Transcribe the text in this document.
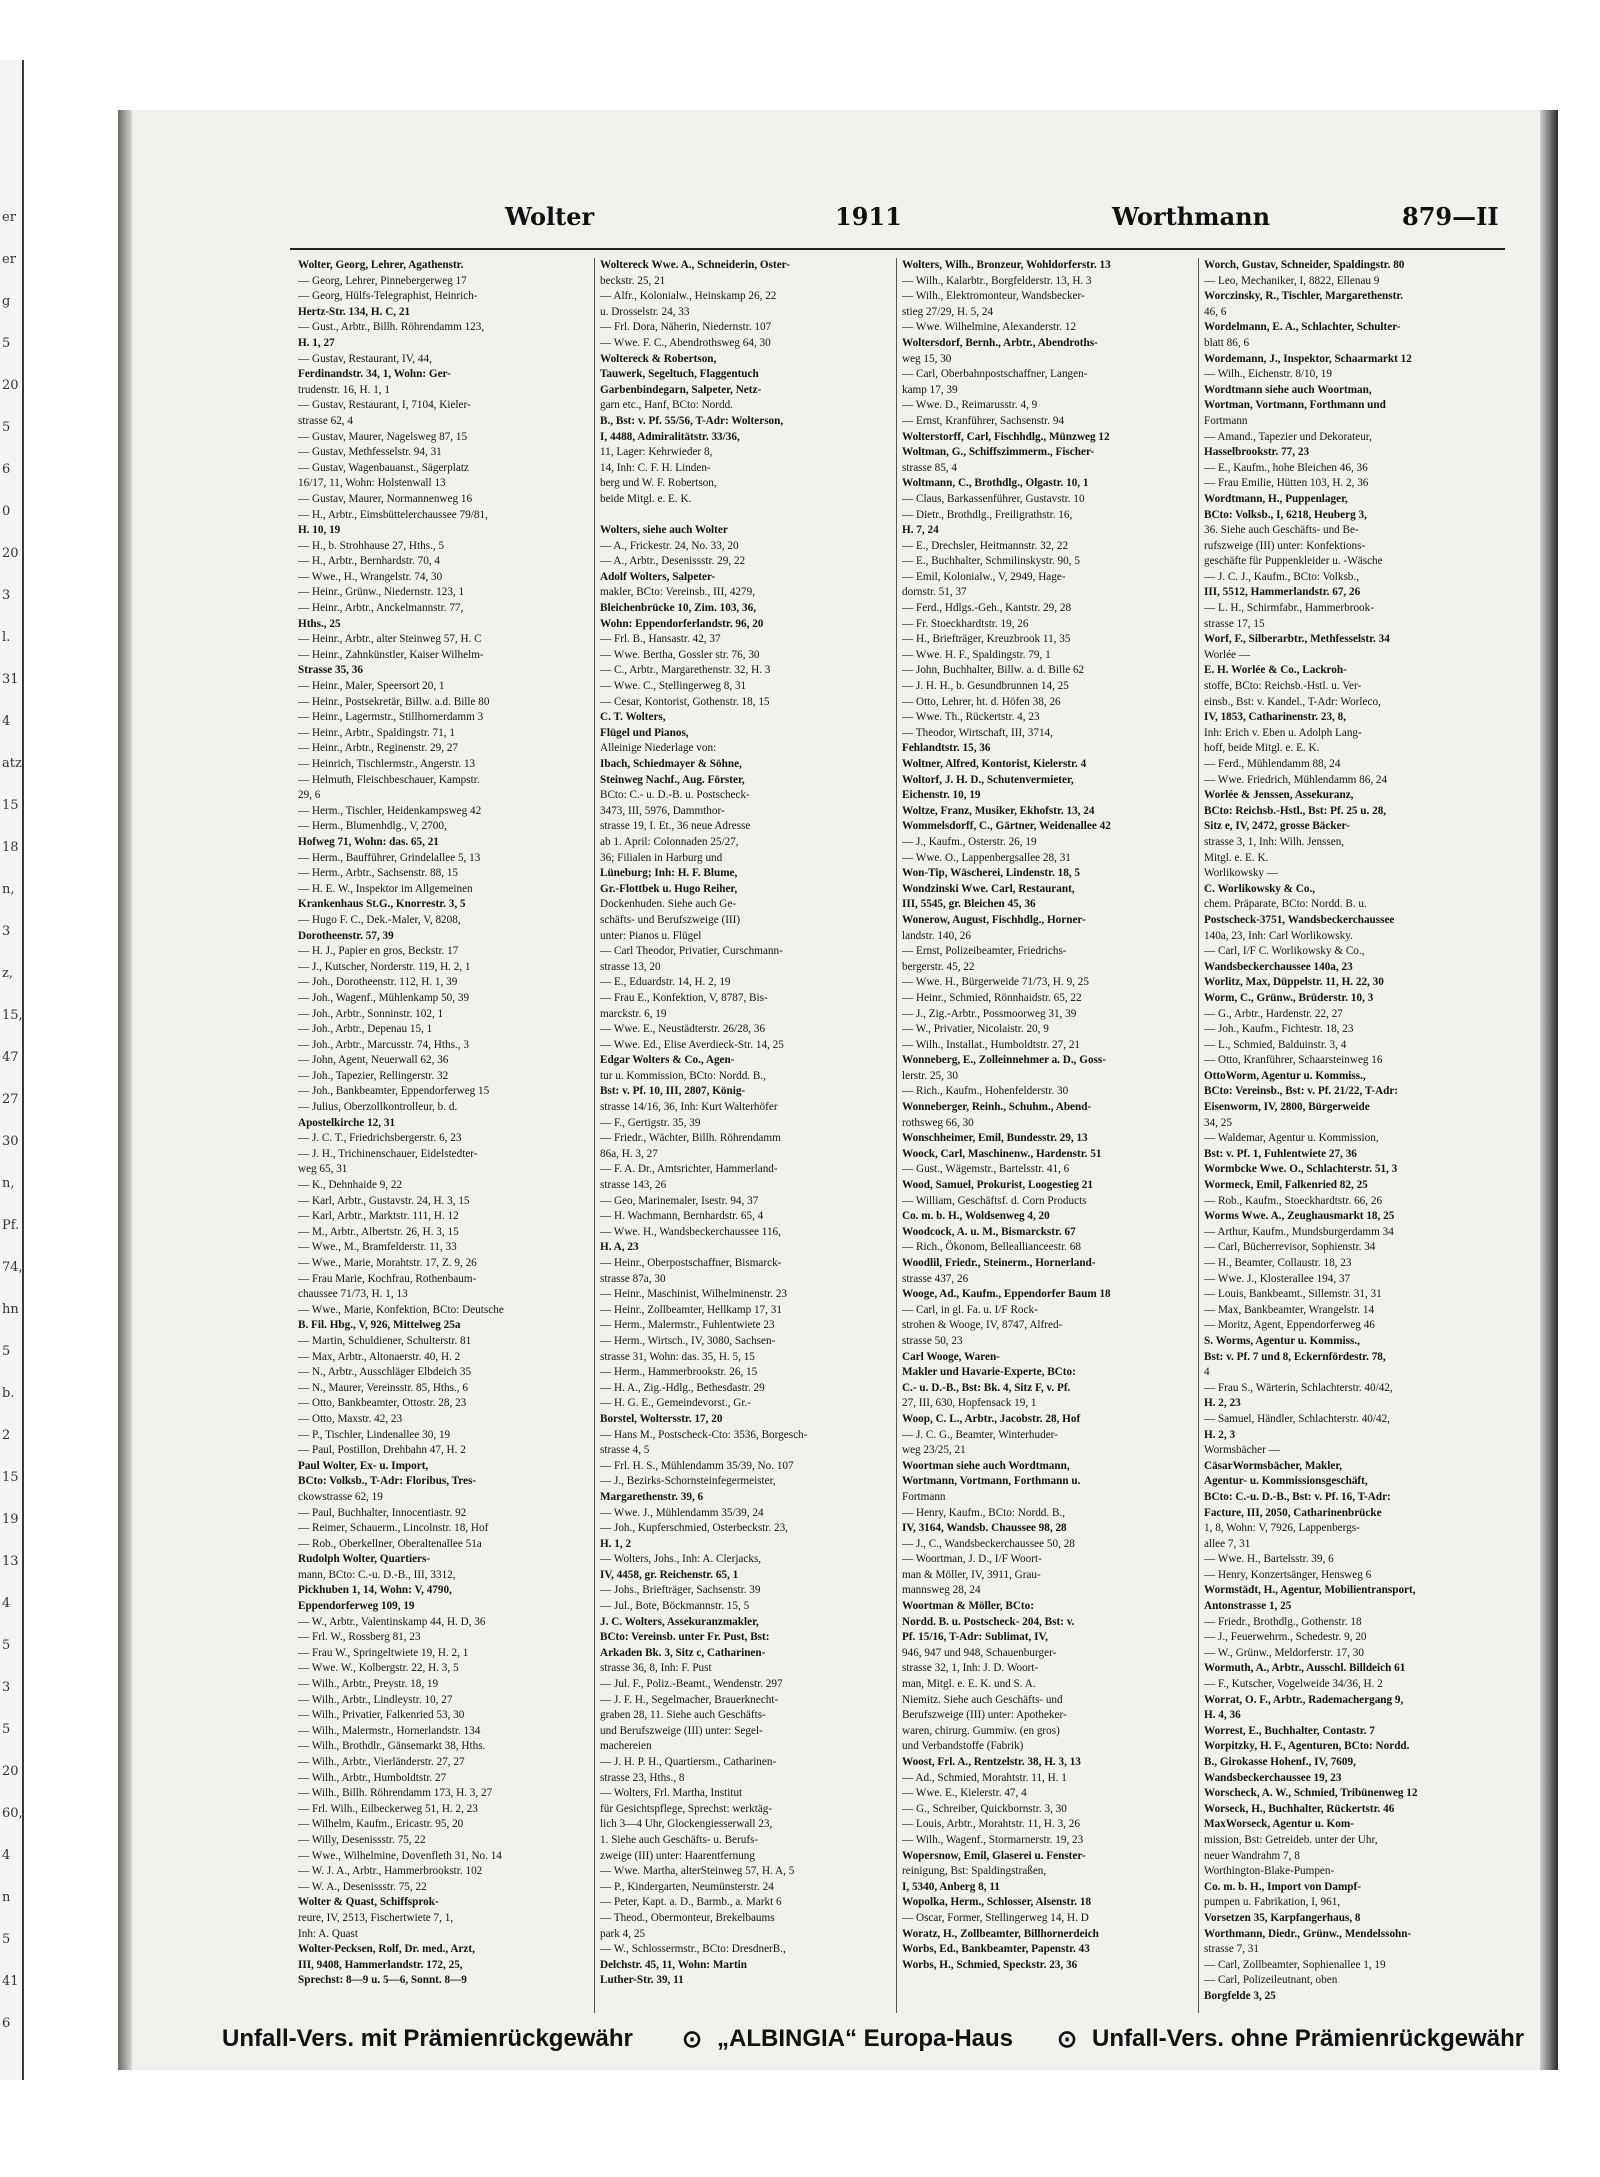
er
er
g
5
20
5
6
0
20
3
l.
31
4
atz
15
18
n,
3
z,
15,
47
27
30
n,
Pf.
74,
hn
5
b.
2
15
19
13
4
5
3
5
20
60,
4
n
5
41
6
Wolter	1911	Worthmann	879—II
Wolter, Georg, Lehrer, Agathenstr.
— Georg, Lehrer, Pinnebergerweg 17
— Georg, Hülfs-Telegraphist, Heinrich-
Hertz-Str. 134, H. C, 21
— Gust., Arbtr., Billh. Röhrendamm 123,
H. 1, 27
— Gustav, Restaurant, IV, 44,
Ferdinandstr. 34, 1, Wohn: Ger-
trudenstr. 16, H. 1, 1
— Gustav, Restaurant, I, 7104, Kieler-
strasse 62, 4
— Gustav, Maurer, Nagelsweg 87, 15
— Gustav, Methfesselstr. 94, 31
— Gustav, Wagenbauanst., Sägerplatz
16/17, 11, Wohn: Holstenwall 13
— Gustav, Maurer, Normannenweg 16
— H., Arbtr., Eimsbüttelerchaussee 79/81,
H. 10, 19
— H., b. Strohhause 27, Hths., 5
— H., Arbtr., Bernhardstr. 70, 4
— Wwe., H., Wrangelstr. 74, 30
— Heinr., Grünw., Niedernstr. 123, 1
— Heinr., Arbtr., Anckelmannstr. 77,
Hths., 25
— Heinr., Arbtr., alter Steinweg 57, H. C
— Heinr., Zahnkünstler, Kaiser Wilhelm-
Strasse 35, 36
— Heinr., Maler, Speersort 20, 1
— Heinr., Postsekretär, Billw. a.d. Bille 80
— Heinr., Lagermstr., Stillhornerdamm 3
— Heinr., Arbtr., Spaldingstr. 71, 1
— Heinr., Arbtr., Reginenstr. 29, 27
— Heinrich, Tischlermstr., Angerstr. 13
— Helmuth, Fleischbeschauer, Kampstr.
29, 6
— Herm., Tischler, Heidenkampsweg 42
— Herm., Blumenhdlg., V, 2700,
Hofweg 71, Wohn: das. 65, 21
— Herm., Baufführer, Grindelallee 5, 13
— Herm., Arbtr., Sachsenstr. 88, 15
— H. E. W., Inspektor im Allgemeinen
Krankenhaus St.G., Knorrestr. 3, 5
— Hugo F. C., Dek.-Maler, V, 8208,
Dorotheenstr. 57, 39
— H. J., Papier en gros, Beckstr. 17
— J., Kutscher, Norderstr. 119, H. 2, 1
— Joh., Dorotheenstr. 112, H. 1, 39
— Joh., Wagenf., Mühlenkamp 50, 39
— Joh., Arbtr., Sonninstr. 102, 1
— Joh., Arbtr., Depenau 15, 1
— Joh., Arbtr., Marcusstr. 74, Hths., 3
— John, Agent, Neuerwall 62, 36
— Joh., Tapezier, Rellingerstr. 32
— Joh., Bankbeamter, Eppendorferweg 15
— Julius, Oberzollkontrolleur, b. d.
Apostelkirche 12, 31
— J. C. T., Friedrichsbergerstr. 6, 23
— J. H., Trichinenschauer, Eidelstedter-
weg 65, 31
— K., Dehnhaide 9, 22
— Karl, Arbtr., Gustavstr. 24, H. 3, 15
— Karl, Arbtr., Marktstr. 111, H. 12
— M., Arbtr., Albertstr. 26, H. 3, 15
— Wwe., M., Bramfelderstr. 11, 33
— Wwe., Marie, Morahtstr. 17, Z. 9, 26
— Frau Marie, Kochfrau, Rothenbaum-
chaussee 71/73, H. 1, 13
— Wwe., Marie, Konfektion, BCto: Deutsche
B. Fil. Hbg., V, 926, Mittelweg 25a
— Martin, Schuldiener, Schulterstr. 81
— Max, Arbtr., Altonaerstr. 40, H. 2
— N., Arbtr., Ausschläger Elbdeich 35
— N., Maurer, Vereinsstr. 85, Hths., 6
— Otto, Bankbeamter, Ottostr. 28, 23
— Otto, Maxstr. 42, 23
— P., Tischler, Lindenallee 30, 19
— Paul, Postillon, Drehbahn 47, H. 2
Paul Wolter, Ex- u. Import,
BCto: Volksb., T-Adr: Floribus, Tres-
ckowstrasse 62, 19
— Paul, Buchhalter, Innocentiastr. 92
— Reimer, Schauerm., Lincolnstr. 18, Hof
— Rob., Oberkellner, Oberaltenallee 51a
Rudolph Wolter, Quartiers-
mann, BCto: C.-u. D.-B., III, 3312,
Pickhuben 1, 14, Wohn: V, 4790,
Eppendorferweg 109, 19
— W., Arbtr., Valentinskamp 44, H. D, 36
— Frl. W., Rossberg 81, 23
— Frau W., Springeltwiete 19, H. 2, 1
— Wwe. W., Kolbergstr. 22, H. 3, 5
— Wilh., Arbtr., Preystr. 18, 19
— Wilh., Arbtr., Lindleystr. 10, 27
— Wilh., Privatier, Falkenried 53, 30
— Wilh., Malermstr., Hornerlandstr. 134
— Wilh., Brothdlr., Gänsemarkt 38, Hths.
— Wilh., Arbtr., Vierländerstr. 27, 27
— Wilh., Arbtr., Humboldtstr. 27
— Wilh., Billh. Röhrendamm 173, H. 3, 27
— Frl. Wilh., Eilbeckerweg 51, H. 2, 23
— Wilhelm, Kaufm., Ericastr. 95, 20
— Willy, Desenissstr. 75, 22
— Wwe., Wilhelmine, Dovenfleth 31, No. 14
— W. J. A., Arbtr., Hammerbrookstr. 102
— W. A., Desenissstr. 75, 22
Wolter & Quast, Schiffsprok-
reure, IV, 2513, Fischertwiete 7, 1,
Inh: A. Quast
Wolter-Pecksen, Rolf, Dr. med., Arzt,
III, 9408, Hammerlandstr. 172, 25,
Sprechst: 8—9 u. 5—6, Sonnt. 8—9
Woltereck Wwe. A., Schneiderin, Oster-
beckstr. 25, 21
— Alfr., Kolonialw., Heinskamp 26, 22
u. Drosselstr. 24, 33
— Frl. Dora, Näherin, Niedernstr. 107
— Wwe. F. C., Abendrothsweg 64, 30
Woltereck & Robertson,
Tauwerk, Segeltuch, Flaggentuch
Garbenbindegarn, Salpeter, Netz-
garn etc., Hanf, BCto: Nordd.
B., Bst: v. Pf. 55/56, T-Adr: Wolterson,
I, 4488, Admiralitätstr. 33/36,
11, Lager: Kehrwieder 8,
14, Inh: C. F. H. Linden-
berg und W. F. Robertson,
beide Mitgl. e. E. K.

Wolters, siehe auch Wolter
— A., Frickestr. 24, No. 33, 20
— A., Arbtr., Desenissstr. 29, 22
Adolf Wolters, Salpeter-
makler, BCto: Vereinsb., III, 4279,
Bleichenbrücke 10, Zim. 103, 36,
Wohn: Eppendorferlandstr. 96, 20
— Frl. B., Hansastr. 42, 37
— Wwe. Bertha, Gossler str. 76, 30
— C., Arbtr., Margarethenstr. 32, H. 3
— Wwe. C., Stellingerweg 8, 31
— Cesar, Kontorist, Gothenstr. 18, 15
C. T. Wolters,
Flügel und Pianos,
Alleinige Niederlage von:
Ibach, Schiedmayer & Söhne,
Steinweg Nachf., Aug. Förster,
BCto: C.- u. D.-B. u. Postscheck-
3473, III, 5976, Dammthor-
strasse 19, I. Et., 36 neue Adresse
ab 1. April: Colonnaden 25/27,
36; Filialen in Harburg und
Lüneburg; Inh: H. F. Blume,
Gr.-Flottbek u. Hugo Reiher,
Dockenhuden. Siehe auch Ge-
schäfts- und Berufszweige (III)
unter: Pianos u. Flügel
— Carl Theodor, Privatier, Curschmann-
strasse 13, 20
— E., Eduardstr. 14, H. 2, 19
— Frau E., Konfektion, V, 8787, Bis-
marckstr. 6, 19
— Wwe. E., Neustädterstr. 26/28, 36
— Wwe. Ed., Elise Averdieck-Str. 14, 25
Edgar Wolters & Co., Agen-
tur u. Kommission, BCto: Nordd. B.,
Bst: v. Pf. 10, III, 2807, König-
strasse 14/16, 36, Inh: Kurt Walterhöfer
— F., Gertigstr. 35, 39
— Friedr., Wächter, Billh. Röhrendamm
86a, H. 3, 27
— F. A. Dr., Amtsrichter, Hammerland-
strasse 143, 26
— Geo, Marinemaler, Isestr. 94, 37
— H. Wachmann, Bernhardstr. 65, 4
— Wwe. H., Wandsbeckerchaussee 116,
H. A, 23
— Heinr., Oberpostschaffner, Bismarck-
strasse 87a, 30
— Heinr., Maschinist, Wilhelminenstr. 23
— Heinr., Zollbeamter, Hellkamp 17, 31
— Herm., Malermstr., Fuhlentwiete 23
— Herm., Wirtsch., IV, 3080, Sachsen-
strasse 31, Wohn: das. 35, H. 5, 15
— Herm., Hammerbrookstr. 26, 15
— H. A., Zig.-Hdlg., Bethesdastr. 29
— H. G. E., Gemeindevorst., Gr.-
Borstel, Woltersstr. 17, 20
— Hans M., Postscheck-Cto: 3536, Borgesch-
strasse 4, 5
— Frl. H. S., Mühlendamm 35/39, No. 107
— J., Bezirks-Schornsteinfegermeister,
Margarethenstr. 39, 6
— Wwe. J., Mühlendamm 35/39, 24
— Joh., Kupferschmied, Osterbeckstr. 23,
H. 1, 2
— Wolters, Johs., Inh: A. Clerjacks,
IV, 4458, gr. Reichenstr. 65, 1
— Johs., Briefträger, Sachsenstr. 39
— Jul., Bote, Böckmannstr. 15, 5
J. C. Wolters, Assekuranzmakler,
BCto: Vereinsb. unter Fr. Pust, Bst:
Arkaden Bk. 3, Sitz c, Catharinen-
strasse 36, 8, Inh: F. Pust
— Jul. F., Poliz.-Beamt., Wendenstr. 297
— J. F. H., Segelmacher, Brauerknecht-
graben 28, 11. Siehe auch Geschäfts-
und Berufszweige (III) unter: Segel-
machereien
— J. H. P. H., Quartiersm., Catharinen-
strasse 23, Hths., 8
— Wolters, Frl. Martha, Institut
für Gesichtspflege, Sprechst: werktäg-
lich 3—4 Uhr, Glockengiesserwall 23,
1. Siehe auch Geschäfts- u. Berufs-
zweige (III) unter: Haarentfernung
— Wwe. Martha, alterSteinweg 57, H. A, 5
— P., Kindergarten, Neumünsterstr. 24
— Peter, Kapt. a. D., Barmb., a. Markt 6
— Theod., Obermonteur, Brekelbaums
park 4, 25
— W., Schlossermstr., BCto: DresdnerB.,
Delchstr. 45, 11, Wohn: Martin
Luther-Str. 39, 11
Wolters, Wilh., Bronzeur, Wohldorferstr. 13
— Wilh., Kalarbtr., Borgfelderstr. 13, H. 3
— Wilh., Elektromonteur, Wandsbecker-
stieg 27/29, H. 5, 24
— Wwe. Wilhelmine, Alexanderstr. 12
Woltersdorf, Bernh., Arbtr., Abendroths-
weg 15, 30
— Carl, Oberbahnpostschaffner, Langen-
kamp 17, 39
— Wwe. D., Reimarusstr. 4, 9
— Ernst, Kranführer, Sachsenstr. 94
Wolterstorff, Carl, Fischhdlg., Münzweg 12
Woltman, G., Schiffszimmerm., Fischer-
strasse 85, 4
Woltmann, C., Brothdlg., Olgastr. 10, 1
— Claus, Barkassenführer, Gustavstr. 10
— Dietr., Brothdlg., Freiligrathstr. 16,
H. 7, 24
— E., Drechsler, Heitmannstr. 32, 22
— E., Buchhalter, Schmilinskystr. 90, 5
— Emil, Kolonialw., V, 2949, Hage-
dornstr. 51, 37
— Ferd., Hdlgs.-Geh., Kantstr. 29, 28
— Fr. Stoeckhardtstr. 19, 26
— H., Briefträger, Kreuzbrook 11, 35
— Wwe. H. F., Spaldingstr. 79, 1
— John, Buchhalter, Billw. a. d. Bille 62
— J. H. H., b. Gesundbrunnen 14, 25
— Otto, Lehrer, ht. d. Höfen 38, 26
— Wwe. Th., Rückertstr. 4, 23
— Theodor, Wirtschaft, III, 3714,
Fehlandtstr. 15, 36
Woltner, Alfred, Kontorist, Kielerstr. 4
Woltorf, J. H. D., Schutenvermieter,
Eichenstr. 10, 19
Woltze, Franz, Musiker, Ekhofstr. 13, 24
Wommelsdorff, C., Gärtner, Weidenallee 42
— J., Kaufm., Osterstr. 26, 19
— Wwe. O., Lappenbergsallee 28, 31
Won-Tip, Wäscherei, Lindenstr. 18, 5
Wondzinski Wwe. Carl, Restaurant,
III, 5545, gr. Bleichen 45, 36
Wonerow, August, Fischhdlg., Horner-
landstr. 140, 26
— Ernst, Polizeibeamter, Friedrichs-
bergerstr. 45, 22
— Wwe. H., Bürgerweide 71/73, H. 9, 25
— Heinr., Schmied, Rönnhaidstr. 65, 22
— J., Zig.-Arbtr., Possmoorweg 31, 39
— W., Privatier, Nicolaistr. 20, 9
— Wilh., Installat., Humboldtstr. 27, 21
Wonneberg, E., Zolleinnehmer a. D., Goss-
lerstr. 25, 30
— Rich., Kaufm., Hohenfelderstr. 30
Wonneberger, Reinh., Schuhm., Abend-
rothsweg 66, 30
Wonschheimer, Emil, Bundesstr. 29, 13
Woock, Carl, Maschinenw., Hardenstr. 51
— Gust., Wägemstr., Bartelsstr. 41, 6
Wood, Samuel, Prokurist, Loogestieg 21
— William, Geschäftsf. d. Corn Products
Co. m. b. H., Woldsenweg 4, 20
Woodcock, A. u. M., Bismarckstr. 67
— Rich., Ökonom, Belleallianceestr. 68
Woodlil, Friedr., Steinerm., Hornerland-
strasse 437, 26
Wooge, Ad., Kaufm., Eppendorfer Baum 18
— Carl, in gl. Fa. u. I/F Rock-
strohen & Wooge, IV, 8747, Alfred-
strasse 50, 23
Carl Wooge, Waren-
Makler und Havarie-Experte, BCto:
C.- u. D.-B., Bst: Bk. 4, Sitz F, v. Pf.
27, III, 630, Hopfensack 19, 1
Woop, C. L., Arbtr., Jacobstr. 28, Hof
— J. C. G., Beamter, Winterhuder-
weg 23/25, 21
Woortman siehe auch Wordtmann,
Wortmann, Vortmann, Forthmann u.
Fortmann
— Henry, Kaufm., BCto: Nordd. B.,
IV, 3164, Wandsb. Chaussee 98, 28
— J., C., Wandsbeckerchaussee 50, 28
— Woortman, J. D., I/F Woort-
man & Möller, IV, 3911, Grau-
mannsweg 28, 24
Woortman & Möller, BCto:
Nordd. B. u. Postscheck- 204, Bst: v.
Pf. 15/16, T-Adr: Sublimat, IV,
946, 947 und 948, Schauenburger-
strasse 32, 1, Inh: J. D. Woort-
man, Mitgl. e. E. K. und S. A.
Niemitz. Siehe auch Geschäfts- und
Berufszweige (III) unter: Apotheker-
waren, chirurg. Gummiw. (en gros)
und Verbandstoffe (Fabrik)
Woost, Frl. A., Rentzelstr. 38, H. 3, 13
— Ad., Schmied, Morahtstr. 11, H. 1
— Wwe. E., Kielerstr. 47, 4
— G., Schreiber, Quickbornstr. 3, 30
— Louis, Arbtr., Morahtstr. 11, H. 3, 26
— Wilh., Wagenf., Stormarnerstr. 19, 23
Wopersnow, Emil, Glaserei u. Fenster-
reinigung, Bst: Spaldingstraßen,
I, 5340, Anberg 8, 11
Wopolka, Herm., Schlosser, Alsenstr. 18
— Oscar, Former, Stellingerweg 14, H. D
Woratz, H., Zollbeamter, Billhornerdeich
Worbs, Ed., Bankbeamter, Papenstr. 43
Worbs, H., Schmied, Speckstr. 23, 36
Worch, Gustav, Schneider, Spaldingstr. 80
— Leo, Mechaniker, I, 8822, Ellenau 9
Worczinsky, R., Tischler, Margarethenstr.
46, 6
Wordelmann, E. A., Schlachter, Schulter-
blatt 86, 6
Wordemann, J., Inspektor, Schaarmarkt 12
— Wilh., Eichenstr. 8/10, 19
Wordtmann siehe auch Woortman,
Wortman, Vortmann, Forthmann und
Fortmann
— Amand., Tapezier und Dekorateur,
Hasselbrookstr. 77, 23
— E., Kaufm., hohe Bleichen 46, 36
— Frau Emilie, Hütten 103, H. 2, 36
Wordtmann, H., Puppenlager,
BCto: Volksb., I, 6218, Heuberg 3,
36. Siehe auch Geschäfts- und Be-
rufszweige (III) unter: Konfektions-
geschäfte für Puppenkleider u. -Wäsche
— J. C. J., Kaufm., BCto: Volksb.,
III, 5512, Hammerlandstr. 67, 26
— L. H., Schirmfabr., Hammerbrook-
strasse 17, 15
Worf, F., Silberarbtr., Methfesselstr. 34
Worlée —
E. H. Worlée & Co., Lackroh-
stoffe, BCto: Reichsb.-Hstl. u. Ver-
einsb., Bst: v. Kandel., T-Adr: Worleco,
IV, 1853, Catharinenstr. 23, 8,
Inh: Erich v. Eben u. Adolph Lang-
hoff, beide Mitgl. e. E. K.
— Ferd., Mühlendamm 88, 24
— Wwe. Friedrich, Mühlendamm 86, 24
Worlée & Jenssen, Assekuranz,
BCto: Reichsb.-Hstl., Bst: Pf. 25 u. 28,
Sitz e, IV, 2472, grosse Bäcker-
strasse 3, 1, Inh: Wilh. Jenssen,
Mitgl. e. E. K.
Worlikowsky —
C. Worlikowsky & Co.,
chem. Präparate, BCto: Nordd. B. u.
Postscheck-3751, Wandsbeckerchaussee
140a, 23, Inh: Carl Worlikowsky.
— Carl, I/F C. Worlikowsky & Co.,
Wandsbeckerchaussee 140a, 23
Worlitz, Max, Düppelstr. 11, H. 22, 30
Worm, C., Grünw., Brüderstr. 10, 3
— G., Arbtr., Hardenstr. 22, 27
— Joh., Kaufm., Fichtestr. 18, 23
— L., Schmied, Balduinstr. 3, 4
— Otto, Kranführer, Schaarsteinweg 16
OttoWorm, Agentur u. Kommiss.,
BCto: Vereinsb., Bst: v. Pf. 21/22, T-Adr:
Eisenworm, IV, 2800, Bürgerweide
34, 25
— Waldemar, Agentur u. Kommission,
Bst: v. Pf. 1, Fuhlentwiete 27, 36
Wormbcke Wwe. O., Schlachterstr. 51, 3
Wormeck, Emil, Falkenried 82, 25
— Rob., Kaufm., Stoeckhardtstr. 66, 26
Worms Wwe. A., Zeughausmarkt 18, 25
— Arthur, Kaufm., Mundsburgerdamm 34
— Carl, Bücherrevisor, Sophienstr. 34
— H., Beamter, Collaustr. 18, 23
— Wwe. J., Klosterallee 194, 37
— Louis, Bankbeamt., Sillemstr. 31, 31
— Max, Bankbeamter, Wrangelstr. 14
— Moritz, Agent, Eppendorferweg 46
S. Worms, Agentur u. Kommiss.,
Bst: v. Pf. 7 und 8, Eckernfördestr. 78,
4
— Frau S., Wärterin, Schlachterstr. 40/42,
H. 2, 23
— Samuel, Händler, Schlachterstr. 40/42,
H. 2, 3
Wormsbächer —
CäsarWormsbächer, Makler,
Agentur- u. Kommissionsgeschäft,
BCto: C.-u. D.-B., Bst: v. Pf. 16, T-Adr:
Facture, III, 2050, Catharinenbrücke
1, 8, Wohn: V, 7926, Lappenbergs-
allee 7, 31
— Wwe. H., Bartelsstr. 39, 6
— Henry, Konzertsänger, Hensweg 6
Wormstädt, H., Agentur, Mobilientransport,
Antonstrasse 1, 25
— Friedr., Brothdlg., Gothenstr. 18
— J., Feuerwehrm., Schedestr. 9, 20
— W., Grünw., Meldorferstr. 17, 30
Wormuth, A., Arbtr., Ausschl. Billdeich 61
— F., Kutscher, Vogelweide 34/36, H. 2
Worrat, O. F., Arbtr., Rademachergang 9,
H. 4, 36
Worrest, E., Buchhalter, Contastr. 7
Worpitzky, H. F., Agenturen, BCto: Nordd.
B., Girokasse Hohenf., IV, 7609,
Wandsbeckerchaussee 19, 23
Worscheck, A. W., Schmied, Tribünenweg 12
Worseck, H., Buchhalter, Rückertstr. 46
MaxWorseck, Agentur u. Kom-
mission, Bst: Getreideb. unter der Uhr,
neuer Wandrahm 7, 8
Worthington-Blake-Pumpen-
Co. m. b. H., Import von Dampf-
pumpen u. Fabrikation, I, 961,
Vorsetzen 35, Karpfangerhaus, 8
Worthmann, Diedr., Grünw., Mendelssohn-
strasse 7, 31
— Carl, Zollbeamter, Sophienallee 1, 19
— Carl, Polizeileutnant, oben
Borgfelde 3, 25
Unfall-Vers. mit Prämienrückgewähr ⊙ „ALBINGIA“ Europa-Haus ⊙ Unfall-Vers. ohne Prämienrückgewähr
